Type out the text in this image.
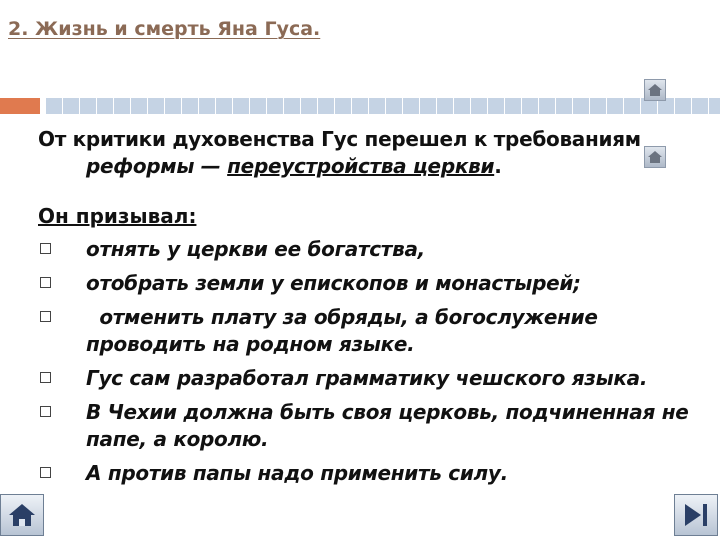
2. Жизнь и смерть Яна Гуса.
От критики духовенства Гус перешел к требованиям реформы — переустройства церкви.
Он призывал:
отнять у церкви ее богатства,
отобрать земли у епископов и монастырей;
отменить плату за обряды, а богослужение проводить на родном языке.
Гус сам разработал грамматику чешского языка.
В Чехии должна быть своя церковь, подчиненная не папе, а королю.
А против папы надо применить силу.
